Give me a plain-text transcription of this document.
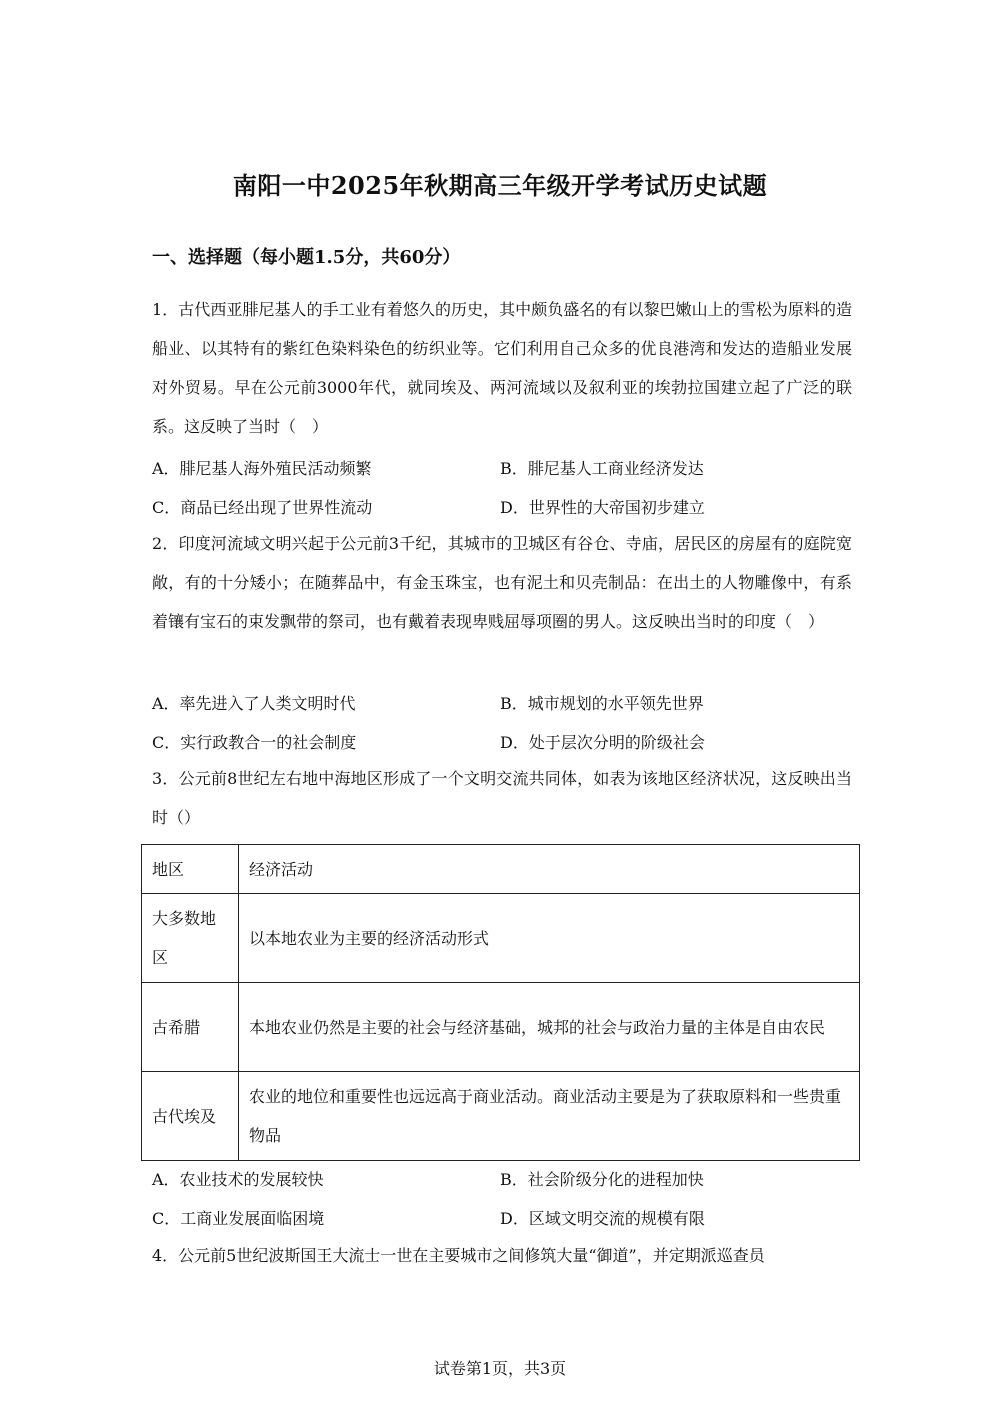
南阳一中2025年秋期高三年级开学考试历史试题
一、选择题（每小题1.5分，共60分）
1．古代西亚腓尼基人的手工业有着悠久的历史，其中颇负盛名的有以黎巴嫩山上的雪松为原料的造船业、以其特有的紫红色染料染色的纺织业等。它们利用自己众多的优良港湾和发达的造船业发展对外贸易。早在公元前3000年代，就同埃及、两河流域以及叙利亚的埃勃拉国建立起了广泛的联系。这反映了当时（　）
A．腓尼基人海外殖民活动频繁	B．腓尼基人工商业经济发达
C．商品已经出现了世界性流动	D．世界性的大帝国初步建立
2．印度河流域文明兴起于公元前3千纪，其城市的卫城区有谷仓、寺庙，居民区的房屋有的庭院宽敞，有的十分矮小；在随葬品中，有金玉珠宝，也有泥土和贝壳制品：在出土的人物雕像中，有系着镶有宝石的束发飘带的祭司，也有戴着表现卑贱屈辱项圈的男人。这反映出当时的印度（　）
A．率先进入了人类文明时代	B．城市规划的水平领先世界
C．实行政教合一的社会制度	D．处于层次分明的阶级社会
3．公元前8世纪左右地中海地区形成了一个文明交流共同体，如表为该地区经济状况，这反映出当时（）
地区	经济活动
大多数地区	以本地农业为主要的经济活动形式
古希腊	本地农业仍然是主要的社会与经济基础，城邦的社会与政治力量的主体是自由农民
古代埃及	农业的地位和重要性也远远高于商业活动。商业活动主要是为了获取原料和一些贵重物品
A．农业技术的发展较快	B．社会阶级分化的进程加快
C．工商业发展面临困境	D．区域文明交流的规模有限
4．公元前5世纪波斯国王大流士一世在主要城市之间修筑大量“御道”，并定期派巡查员
试卷第1页，共3页
